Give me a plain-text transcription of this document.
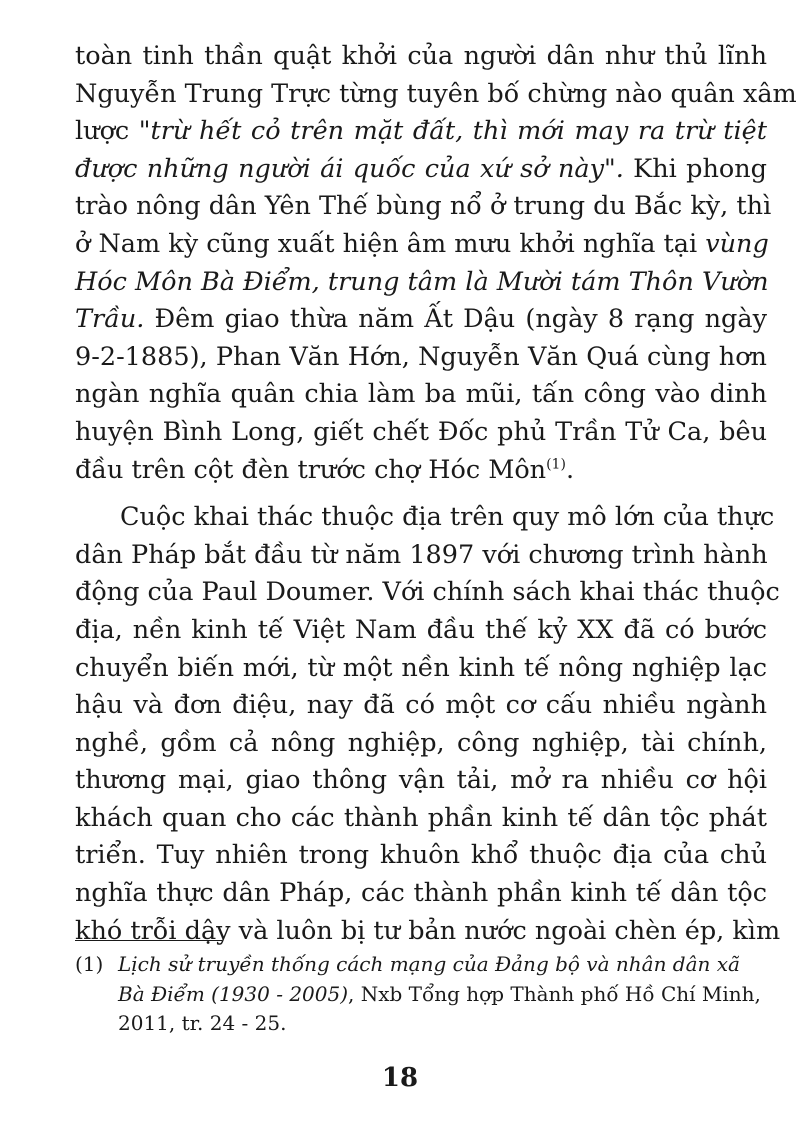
toàn tinh thần quật khởi của người dân như thủ lĩnh
Nguyễn Trung Trực từng tuyên bố chừng nào quân xâm
lược "trừ hết cỏ trên mặt đất, thì mới may ra trừ tiệt
được những người ái quốc của xứ sở này". Khi phong
trào nông dân Yên Thế bùng nổ ở trung du Bắc kỳ, thì
ở Nam kỳ cũng xuất hiện âm mưu khởi nghĩa tại vùng
Hóc Môn Bà Điểm, trung tâm là Mười tám Thôn Vườn
Trầu. Đêm giao thừa năm Ất Dậu (ngày 8 rạng ngày
9-2-1885), Phan Văn Hớn, Nguyễn Văn Quá cùng hơn
ngàn nghĩa quân chia làm ba mũi, tấn công vào dinh
huyện Bình Long, giết chết Đốc phủ Trần Tử Ca, bêu
đầu trên cột đèn trước chợ Hóc Môn$^{(1)}$.

Cuộc khai thác thuộc địa trên quy mô lớn của thực
dân Pháp bắt đầu từ năm 1897 với chương trình hành
động của Paul Doumer. Với chính sách khai thác thuộc
địa, nền kinh tế Việt Nam đầu thế kỷ XX đã có bước
chuyển biến mới, từ một nền kinh tế nông nghiệp lạc
hậu và đơn điệu, nay đã có một cơ cấu nhiều ngành
nghề, gồm cả nông nghiệp, công nghiệp, tài chính,
thương mại, giao thông vận tải, mở ra nhiều cơ hội
khách quan cho các thành phần kinh tế dân tộc phát
triển. Tuy nhiên trong khuôn khổ thuộc địa của chủ
nghĩa thực dân Pháp, các thành phần kinh tế dân tộc
khó trỗi dậy và luôn bị tư bản nước ngoài chèn ép, kìm

(1) Lịch sử truyền thống cách mạng của Đảng bộ và nhân dân xã
Bà Điểm (1930 - 2005), Nxb Tổng hợp Thành phố Hồ Chí Minh,
2011, tr. 24 - 25.
18
